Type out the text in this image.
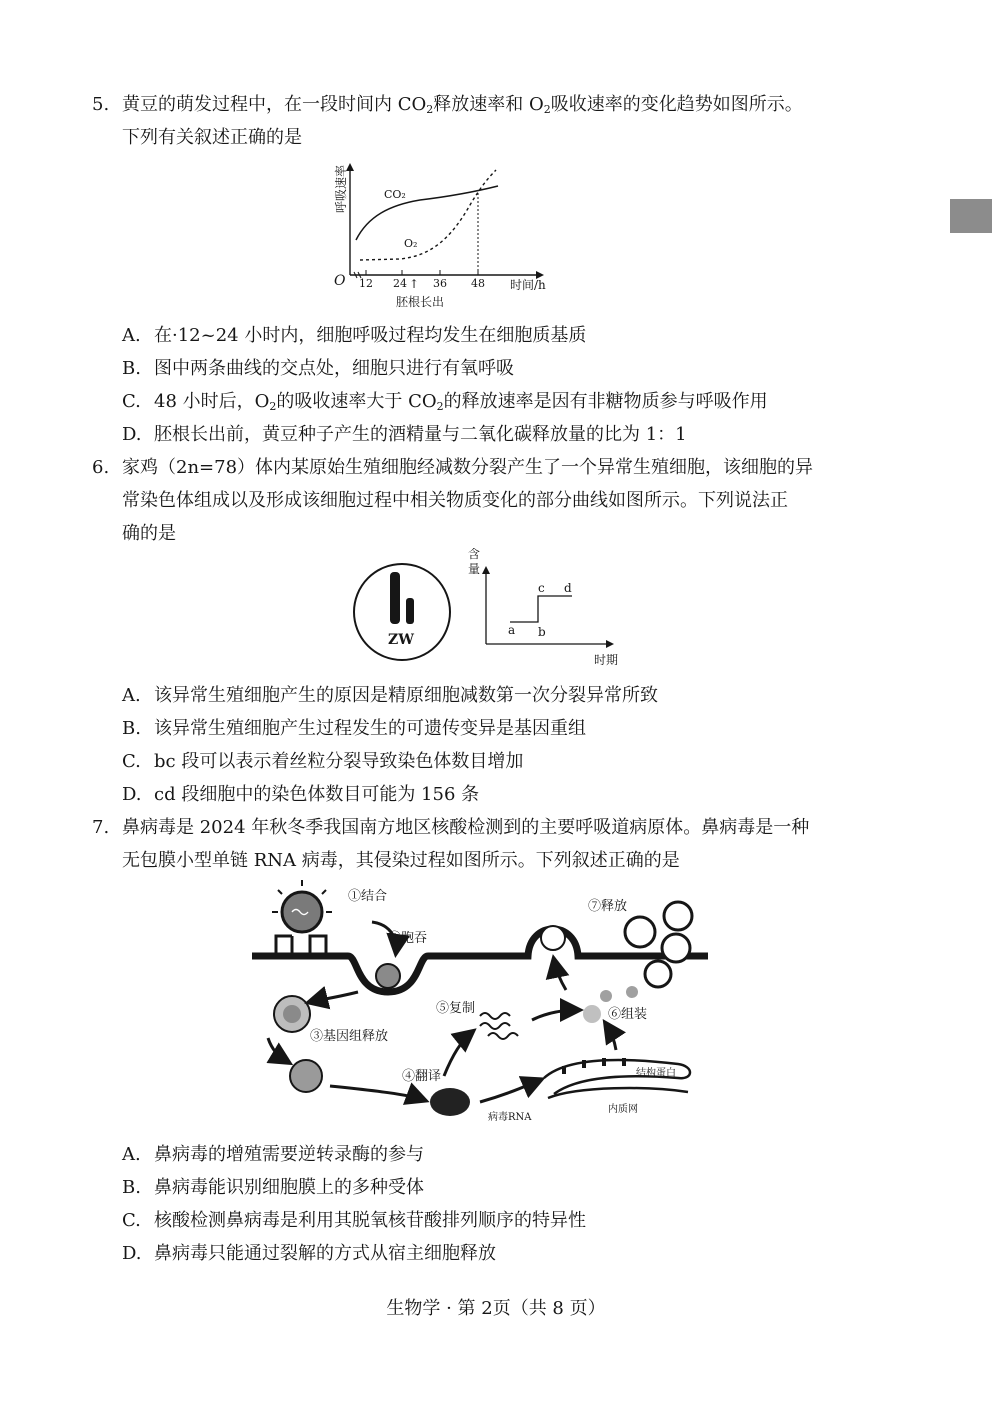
5. 黄豆的萌发过程中，在一段时间内 $CO_2$释放速率和 $O_2$吸收速率的变化趋势如图所示。
下列有关叙述正确的是
呼吸速率
O 12 24 ↑ 36 48 时间/h
CO₂
O₂
胚根长出
A. 在·12~24 小时内，细胞呼吸过程均发生在细胞质基质
B. 图中两条曲线的交点处，细胞只进行有氧呼吸
C. 48 小时后，$O_2$的吸收速率大于 $CO_2$的释放速率是因有非糖物质参与呼吸作用
D. 胚根长出前，黄豆种子产生的酒精量与二氧化碳释放量的比为 1：1
6. 家鸡（2n=78）体内某原始生殖细胞经减数分裂产生了一个异常生殖细胞，该细胞的异
常染色体组成以及形成该细胞过程中相关物质变化的部分曲线如图所示。下列说法正
确的是
ZW
含
量
时期
a b
c d
A. 该异常生殖细胞产生的原因是精原细胞减数第一次分裂异常所致
B. 该异常生殖细胞产生过程发生的可遗传变异是基因重组
C. bc 段可以表示着丝粒分裂导致染色体数目增加
D. cd 段细胞中的染色体数目可能为 156 条
7. 鼻病毒是 2024 年秋冬季我国南方地区核酸检测到的主要呼吸道病原体。鼻病毒是一种
无包膜小型单链 RNA 病毒，其侵染过程如图所示。下列叙述正确的是
①结合
②胞吞
③基因组释放
④翻译
⑤复制	⑥组装
⑦释放
结构蛋白
内质网
病毒RNA
A. 鼻病毒的增殖需要逆转录酶的参与
B. 鼻病毒能识别细胞膜上的多种受体
C. 核酸检测鼻病毒是利用其脱氧核苷酸排列顺序的特异性
D. 鼻病毒只能通过裂解的方式从宿主细胞释放
生物学 · 第 2页（共 8 页）
